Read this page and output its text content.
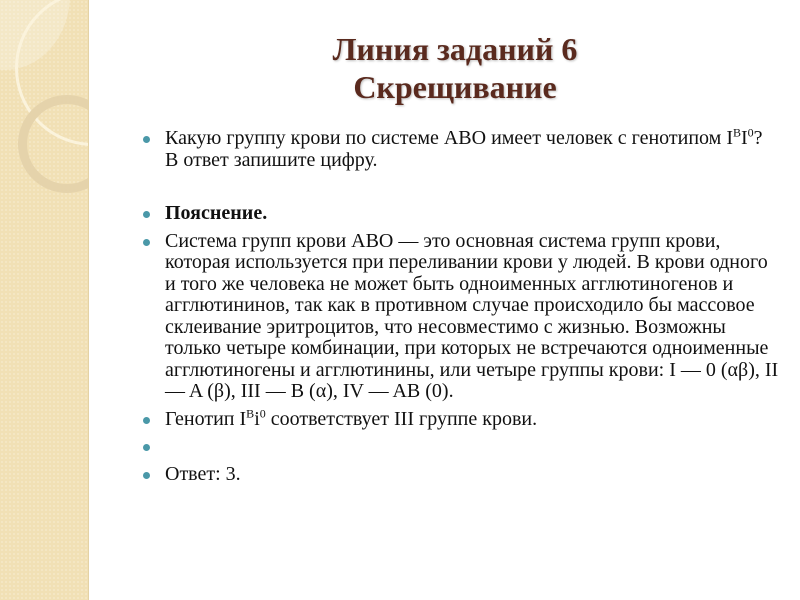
Линия заданий 6
Скрещивание
Какую группу крови по системе АВО имеет человек с генотипом $I^BI^0$? В ответ запишите цифру.
Пояснение.
Система групп крови АВО — это основная система групп крови, которая используется при переливании крови у людей. В крови одного и того же человека не может быть одноименных агглютиногенов и агглютининов, так как в противном случае происходило бы массовое склеивание эритроцитов, что несовместимо с жизнью. Возможны только четыре комбинации, при которых не встречаются одноименные агглютиногены и агглютинины, или четыре группы крови: I — 0 (αβ), II — A (β), III — B (α), IV — AB (0).
Генотип $I^Bi^0$ соответствует III группе крови.

Ответ: 3.
